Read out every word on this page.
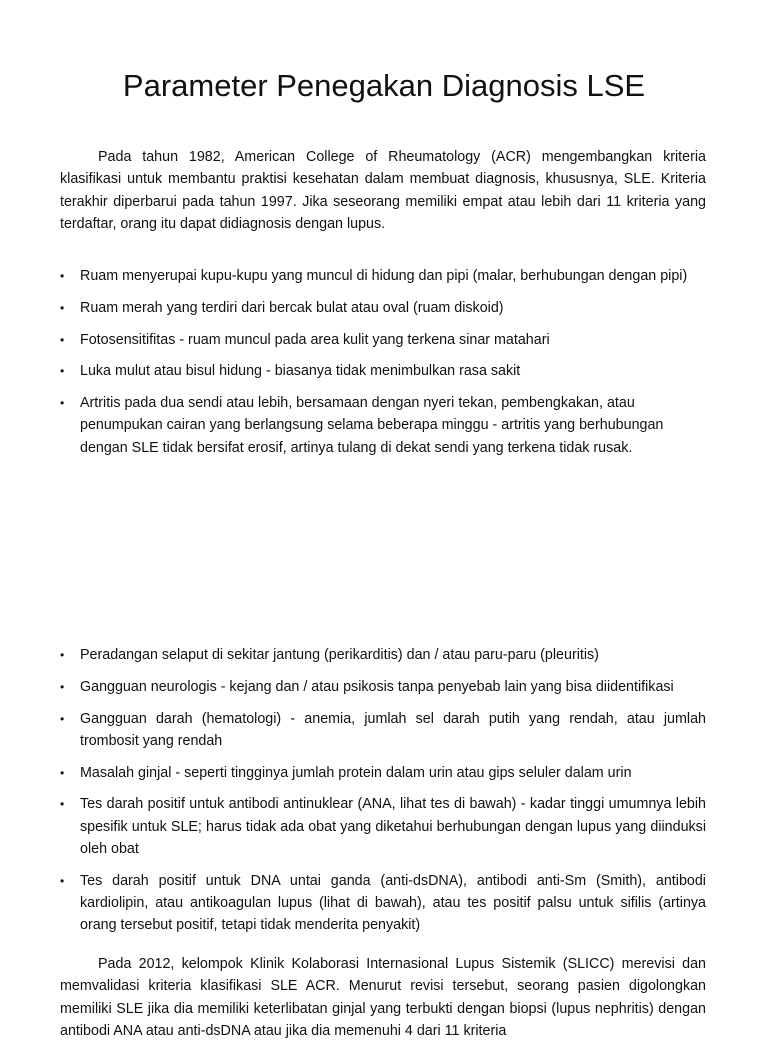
Parameter Penegakan Diagnosis LSE

Pada tahun 1982, American College of Rheumatology (ACR) mengembangkan kriteria klasifikasi untuk membantu praktisi kesehatan dalam membuat diagnosis, khususnya, SLE. Kriteria terakhir diperbarui pada tahun 1997. Jika seseorang memiliki empat atau lebih dari 11 kriteria yang terdaftar, orang itu dapat didiagnosis dengan lupus.

•	Ruam menyerupai kupu-kupu yang muncul di hidung dan pipi (malar, berhubungan dengan pipi)
•	Ruam merah yang terdiri dari bercak bulat atau oval (ruam diskoid)
•	Fotosensitifitas - ruam muncul pada area kulit yang terkena sinar matahari
•	Luka mulut atau bisul hidung - biasanya tidak menimbulkan rasa sakit
•	Artritis pada dua sendi atau lebih, bersamaan dengan nyeri tekan, pembengkakan, atau penumpukan cairan yang berlangsung selama beberapa minggu - artritis yang berhubungan dengan SLE tidak bersifat erosif, artinya tulang di dekat sendi yang terkena tidak rusak.
•	Peradangan selaput di sekitar jantung (perikarditis) dan / atau paru-paru (pleuritis)
•	Gangguan neurologis - kejang dan / atau psikosis tanpa penyebab lain yang bisa diidentifikasi
•	Gangguan darah (hematologi) - anemia, jumlah sel darah putih yang rendah, atau jumlah trombosit yang rendah
•	Masalah ginjal - seperti tingginya jumlah protein dalam urin atau gips seluler dalam urin
•	Tes darah positif untuk antibodi antinuklear (ANA, lihat tes di bawah) - kadar tinggi umumnya lebih spesifik untuk SLE; harus tidak ada obat yang diketahui berhubungan dengan lupus yang diinduksi oleh obat
•	Tes darah positif untuk DNA untai ganda (anti-dsDNA), antibodi anti-Sm (Smith), antibodi kardiolipin, atau antikoagulan lupus (lihat di bawah), atau tes positif palsu untuk sifilis (artinya orang tersebut positif, tetapi tidak menderita penyakit)

Pada 2012, kelompok Klinik Kolaborasi Internasional Lupus Sistemik (SLICC) merevisi dan memvalidasi kriteria klasifikasi SLE ACR. Menurut revisi tersebut, seorang pasien digolongkan memiliki SLE jika dia memiliki keterlibatan ginjal yang terbukti dengan biopsi (lupus nephritis) dengan antibodi ANA atau anti-dsDNA atau jika dia memenuhi 4 dari 11 kriteria
